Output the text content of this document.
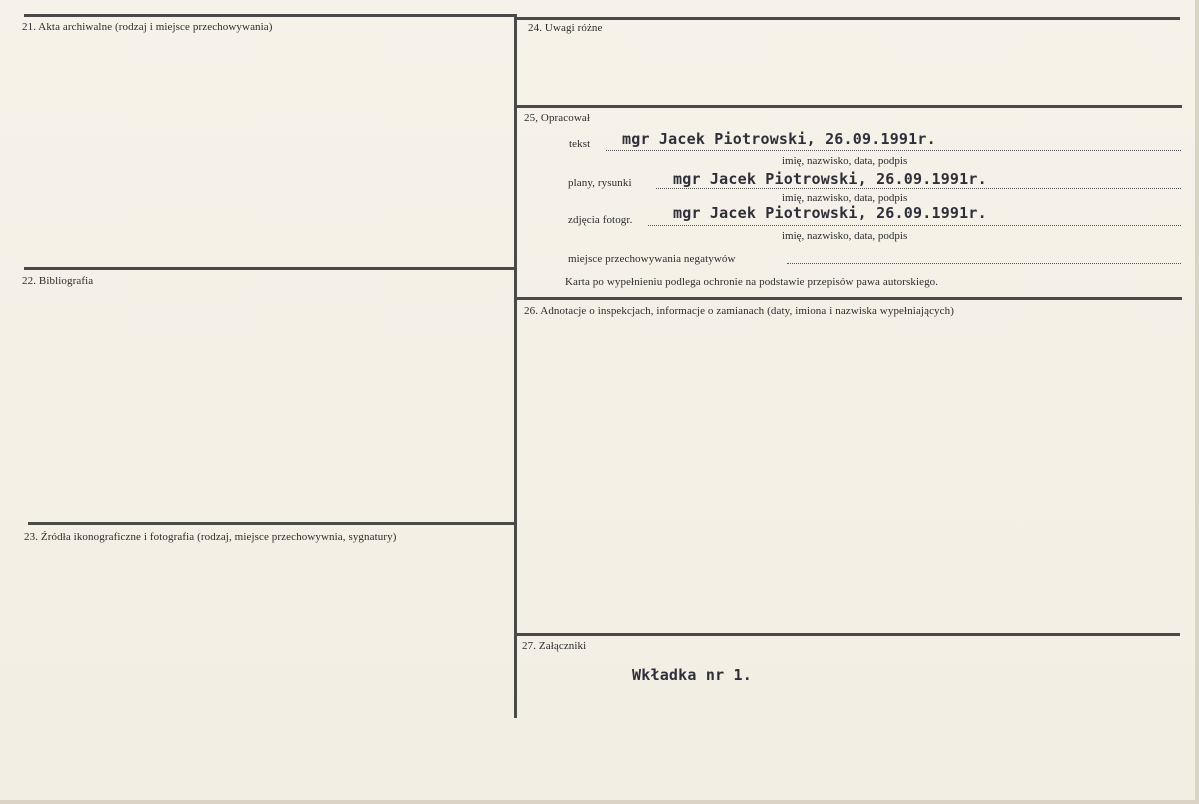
21. Akta archiwalne (rodzaj i miejsce przechowywania)
22. Bibliografia
23. Źródła ikonograficzne i fotografia (rodzaj, miejsce przechowywnia, sygnatury)
24. Uwagi różne
25, Opracował
tekst mgr Jacek Piotrowski, 26.09.1991r.
imię, nazwisko, data, podpis
plany, rysunki	mgr Jacek Piotrowski, 26.09.1991r.
imię, nazwisko, data, podpis
zdjęcia fotogr.	mgr Jacek Piotrowski, 26.09.1991r.
imię, nazwisko, data, podpis
miejsce przechowywania negatywów
Karta po wypełnieniu podlega ochronie na podstawie przepisów pawa autorskiego.
26. Adnotacje o inspekcjach, informacje o zamianach (daty, imiona i nazwiska wypełniających)
27. Załączniki
Wkładka nr 1.
